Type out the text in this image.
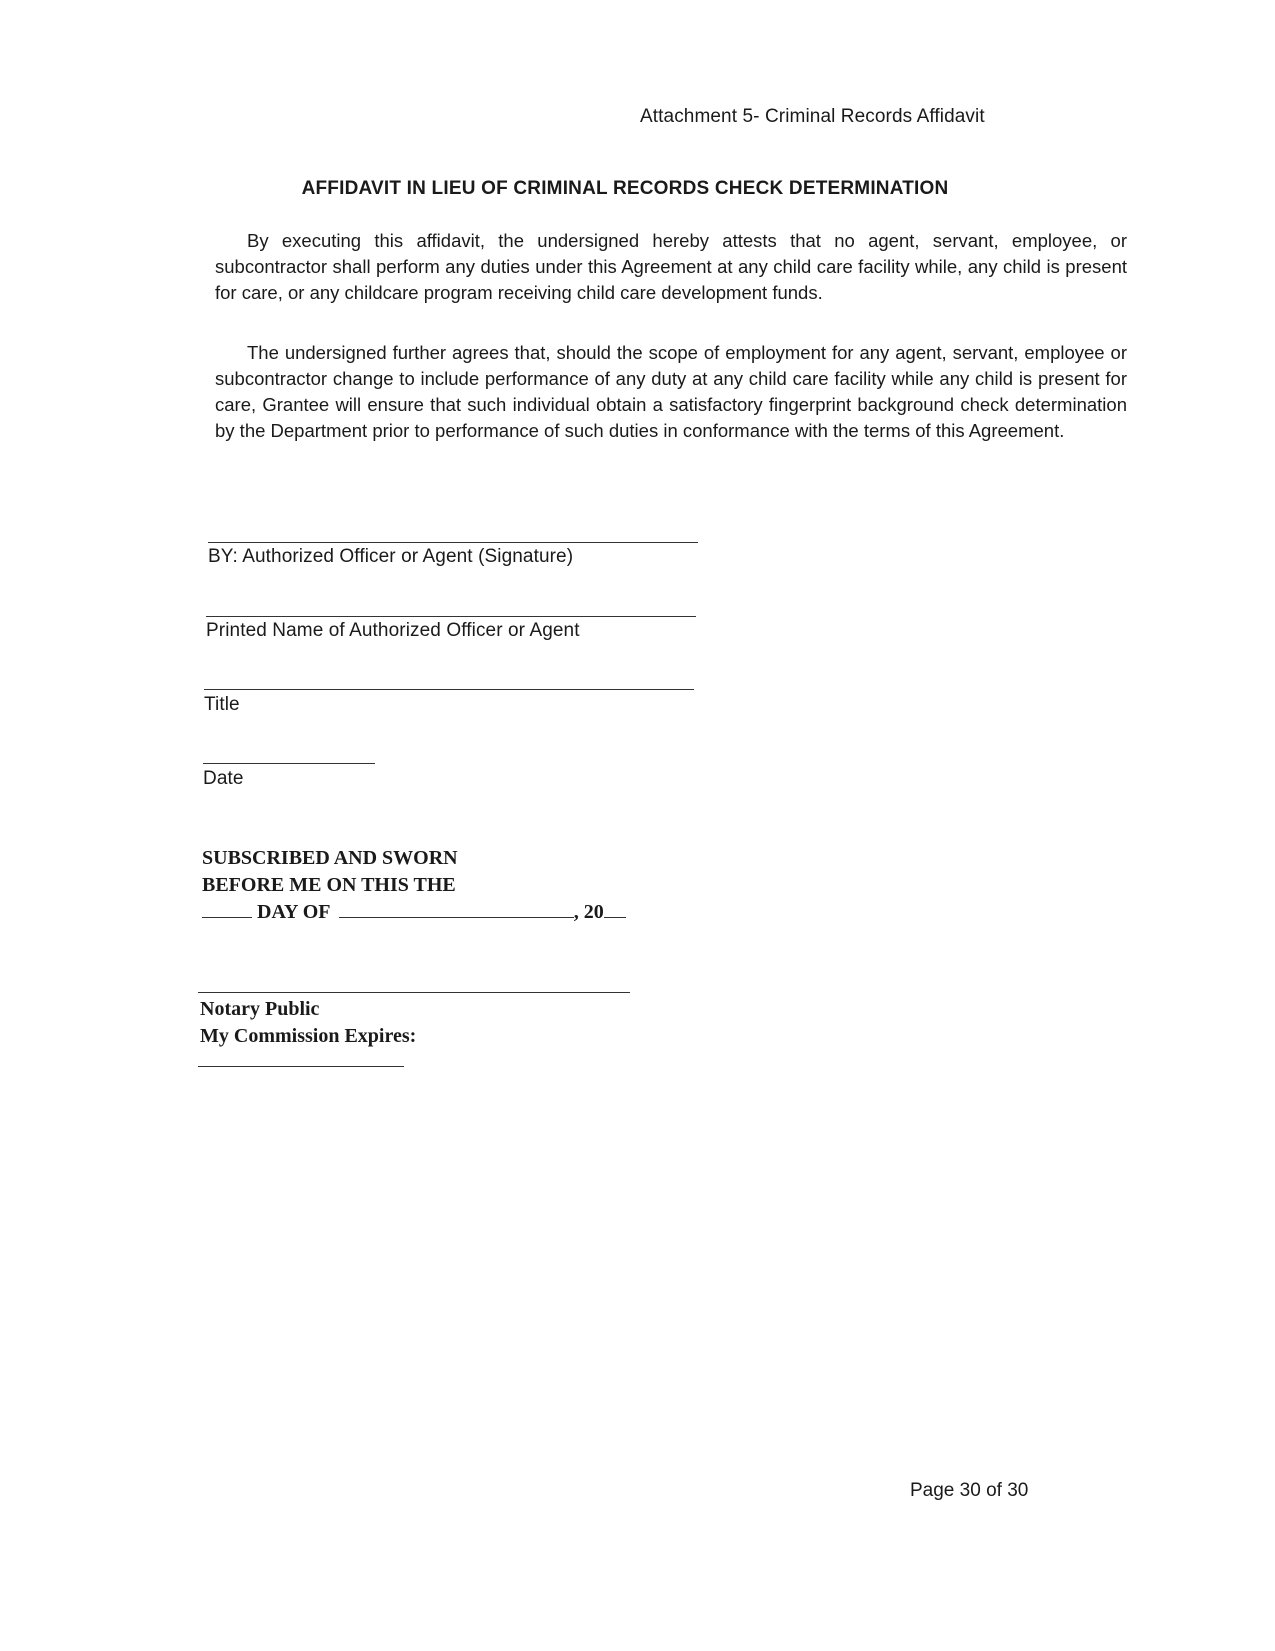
Attachment 5- Criminal Records Affidavit
AFFIDAVIT IN LIEU OF CRIMINAL RECORDS CHECK DETERMINATION

By executing this affidavit, the undersigned hereby attests that no agent, servant, employee, or subcontractor shall perform any duties under this Agreement at any child care facility while, any child is present for care, or any childcare program receiving child care development funds.

The undersigned further agrees that, should the scope of employment for any agent, servant, employee or subcontractor change to include performance of any duty at any child care facility while any child is present for care, Grantee will ensure that such individual obtain a satisfactory fingerprint background check determination by the Department prior to performance of such duties in conformance with the terms of this Agreement.

BY: Authorized Officer or Agent (Signature)
Printed Name of Authorized Officer or Agent
Title
Date
SUBSCRIBED AND SWORN
BEFORE ME ON THIS THE
DAY OF	, 20
Notary Public
My Commission Expires:
Page 30 of 30
